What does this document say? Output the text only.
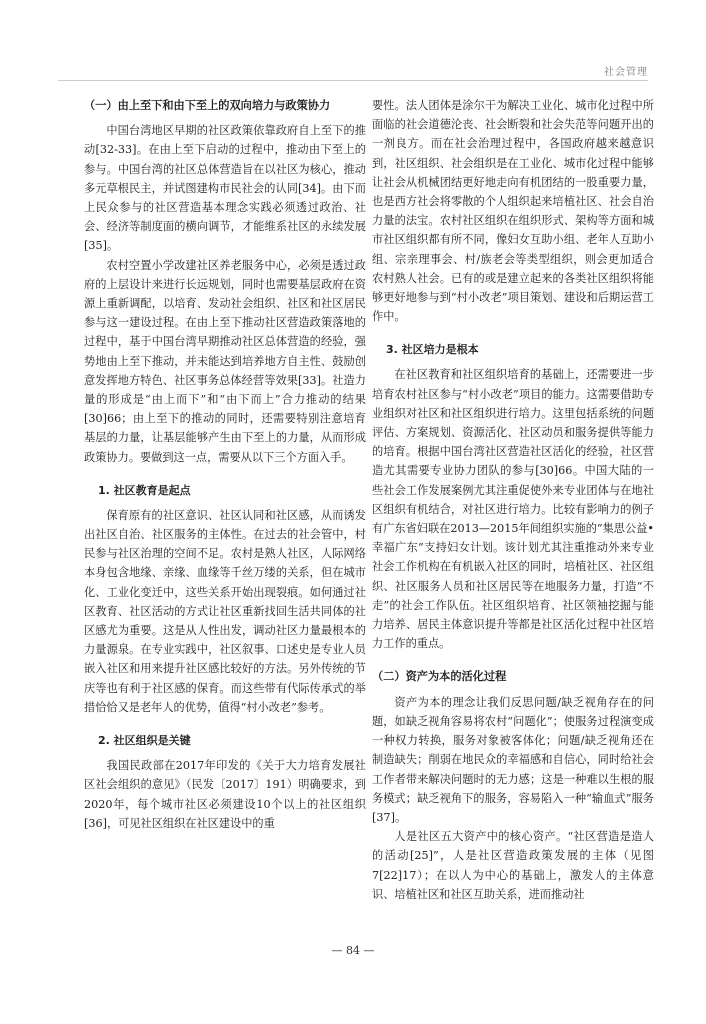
社会管理
（一）由上至下和由下至上的双向培力与政策协力

中国台湾地区早期的社区政策依靠政府自上至下的推动[32-33]。在由上至下启动的过程中，推动由下至上的参与。中国台湾的社区总体营造旨在以社区为核心，推动多元草根民主，并试图建构市民社会的认同[34]。由下而上民众参与的社区营造基本理念实践必须透过政治、社会、经济等制度面的横向调节，才能维系社区的永续发展[35]。

农村空置小学改建社区养老服务中心，必须是透过政府的上层设计来进行长远规划，同时也需要基层政府在资源上重新调配，以培育、发动社会组织、社区和社区居民参与这一建设过程。在由上至下推动社区营造政策落地的过程中，基于中国台湾早期推动社区总体营造的经验，强势地由上至下推动，并未能达到培养地方自主性、鼓励创意发挥地方特色、社区事务总体经营等效果[33]。社造力量的形成是“由上而下”和“由下而上”合力推动的结果[30]66；由上至下的推动的同时，还需要特别注意培育基层的力量，让基层能够产生由下至上的力量，从而形成政策协力。要做到这一点，需要从以下三个方面入手。

1. 社区教育是起点

保育原有的社区意识、社区认同和社区感，从而诱发出社区自治、社区服务的主体性。在过去的社会管中，村民参与社区治理的空间不足。农村是熟人社区，人际网络本身包含地缘、亲缘、血缘等千丝万缕的关系，但在城市化、工业化变迁中，这些关系开始出现裂痕。如何通过社区教育、社区活动的方式让社区重新找回生活共同体的社区感尤为重要。这是从人性出发，调动社区力量最根本的力量源泉。在专业实践中，社区叙事、口述史是专业人员嵌入社区和用来提升社区感比较好的方法。另外传统的节庆等也有利于社区感的保育。而这些带有代际传承式的举措恰恰又是老年人的优势，值得“村小改老”参考。

2. 社区组织是关键

我国民政部在2017年印发的《关于大力培育发展社区社会组织的意见》（民发〔2017〕191）明确要求，到2020年，每个城市社区必须建设10个以上的社区组织[36]，可见社区组织在社区建设中的重

要性。法人团体是涂尔干为解决工业化、城市化过程中所面临的社会道德沦丧、社会断裂和社会失范等问题开出的一剂良方。而在社会治理过程中，各国政府越来越意识到，社区组织、社会组织是在工业化、城市化过程中能够让社会从机械团结更好地走向有机团结的一股重要力量，也是西方社会将零散的个人组织起来培植社区、社会自治力量的法宝。农村社区组织在组织形式、架构等方面和城市社区组织都有所不同，像妇女互助小组、老年人互助小组、宗亲理事会、村/族老会等类型组织，则会更加适合农村熟人社会。已有的或是建立起来的各类社区组织将能够更好地参与到“村小改老”项目策划、建设和后期运营工作中。

3. 社区培力是根本

在社区教育和社区组织培育的基础上，还需要进一步培育农村社区参与“村小改老”项目的能力。这需要借助专业组织对社区和社区组织进行培力。这里包括系统的问题评估、方案规划、资源活化、社区动员和服务提供等能力的培育。根据中国台湾社区营造社区活化的经验，社区营造尤其需要专业协力团队的参与[30]66。中国大陆的一些社会工作发展案例尤其注重促使外来专业团体与在地社区组织有机结合，对社区进行培力。比较有影响力的例子有广东省妇联在2013—2015年间组织实施的“集思公益•幸福广东”支持妇女计划。该计划尤其注重推动外来专业社会工作机构在有机嵌入社区的同时，培植社区、社区组织、社区服务人员和社区居民等在地服务力量，打造“不走”的社会工作队伍。社区组织培育、社区领袖挖掘与能力培养、居民主体意识提升等都是社区活化过程中社区培力工作的重点。

（二）资产为本的活化过程

资产为本的理念让我们反思问题/缺乏视角存在的问题，如缺乏视角容易将农村“问题化”；使服务过程演变成一种权力转换，服务对象被客体化；问题/缺乏视角还在制造缺失；削弱在地民众的幸福感和自信心，同时给社会工作者带来解决问题时的无力感；这是一种难以生根的服务模式；缺乏视角下的服务，容易陷入一种“输血式”服务[37]。

人是社区五大资产中的核心资产。“社区营造是造人的活动[25]”，人是社区营造政策发展的主体（见图7[22]17）；在以人为中心的基础上，激发人的主体意识、培植社区和社区互助关系，进而推动社

— 84 —
